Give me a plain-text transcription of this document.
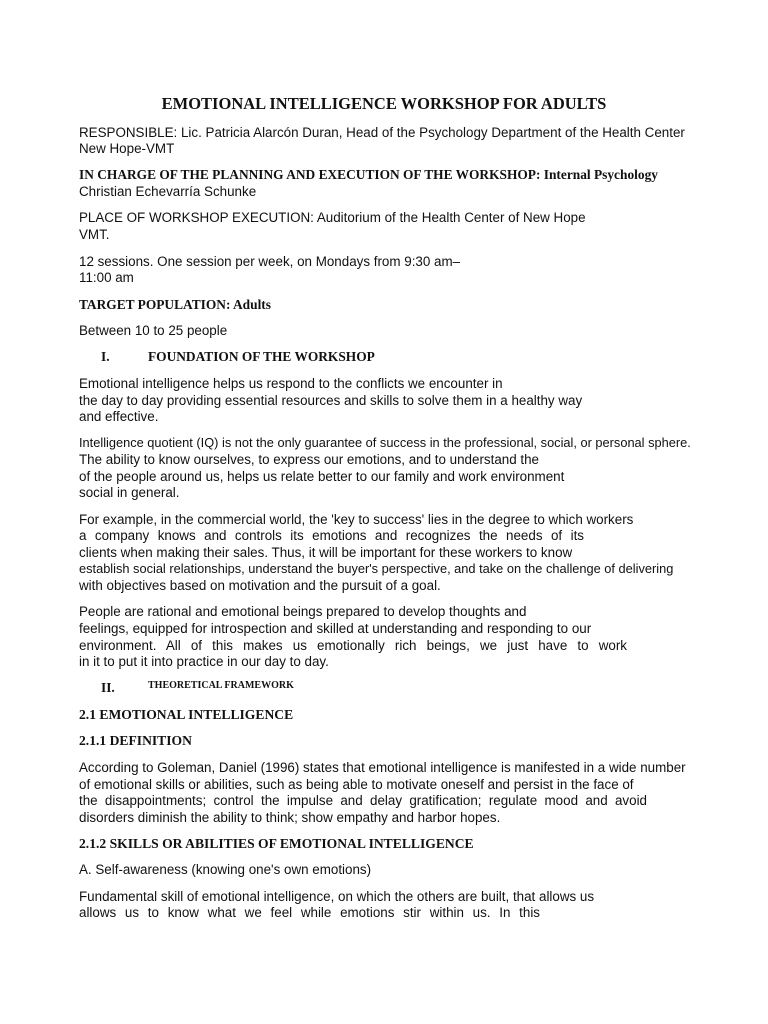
EMOTIONAL INTELLIGENCE WORKSHOP FOR ADULTS
RESPONSIBLE: Lic. Patricia Alarcón Duran, Head of the Psychology Department of the Health Center
New Hope-VMT
IN CHARGE OF THE PLANNING AND EXECUTION OF THE WORKSHOP: Internal Psychology
Christian Echevarría Schunke
PLACE OF WORKSHOP EXECUTION: Auditorium of the Health Center of New Hope
VMT.
12 sessions. One session per week, on Mondays from 9:30 am–
11:00 am
TARGET POPULATION: Adults
Between 10 to 25 people
I.	FOUNDATION OF THE WORKSHOP
Emotional intelligence helps us respond to the conflicts we encounter in
the day to day providing essential resources and skills to solve them in a healthy way
and effective.
Intelligence quotient (IQ) is not the only guarantee of success in the professional, social, or personal sphere.
The ability to know ourselves, to express our emotions, and to understand the
of the people around us, helps us relate better to our family and work environment
social in general.
For example, in the commercial world, the 'key to success' lies in the degree to which workers
a company knows and controls its emotions and recognizes the needs of its
clients when making their sales. Thus, it will be important for these workers to know
establish social relationships, understand the buyer's perspective, and take on the challenge of delivering
with objectives based on motivation and the pursuit of a goal.
People are rational and emotional beings prepared to develop thoughts and
feelings, equipped for introspection and skilled at understanding and responding to our
environment. All of this makes us emotionally rich beings, we just have to work
in it to put it into practice in our day to day.
II.	THEORETICAL FRAMEWORK
2.1 EMOTIONAL INTELLIGENCE
2.1.1 DEFINITION
According to Goleman, Daniel (1996) states that emotional intelligence is manifested in a wide number
of emotional skills or abilities, such as being able to motivate oneself and persist in the face of
the disappointments; control the impulse and delay gratification; regulate mood and avoid
disorders diminish the ability to think; show empathy and harbor hopes.
2.1.2 SKILLS OR ABILITIES OF EMOTIONAL INTELLIGENCE
A. Self-awareness (knowing one's own emotions)
Fundamental skill of emotional intelligence, on which the others are built, that allows us
allows us to know what we feel while emotions stir within us. In this
